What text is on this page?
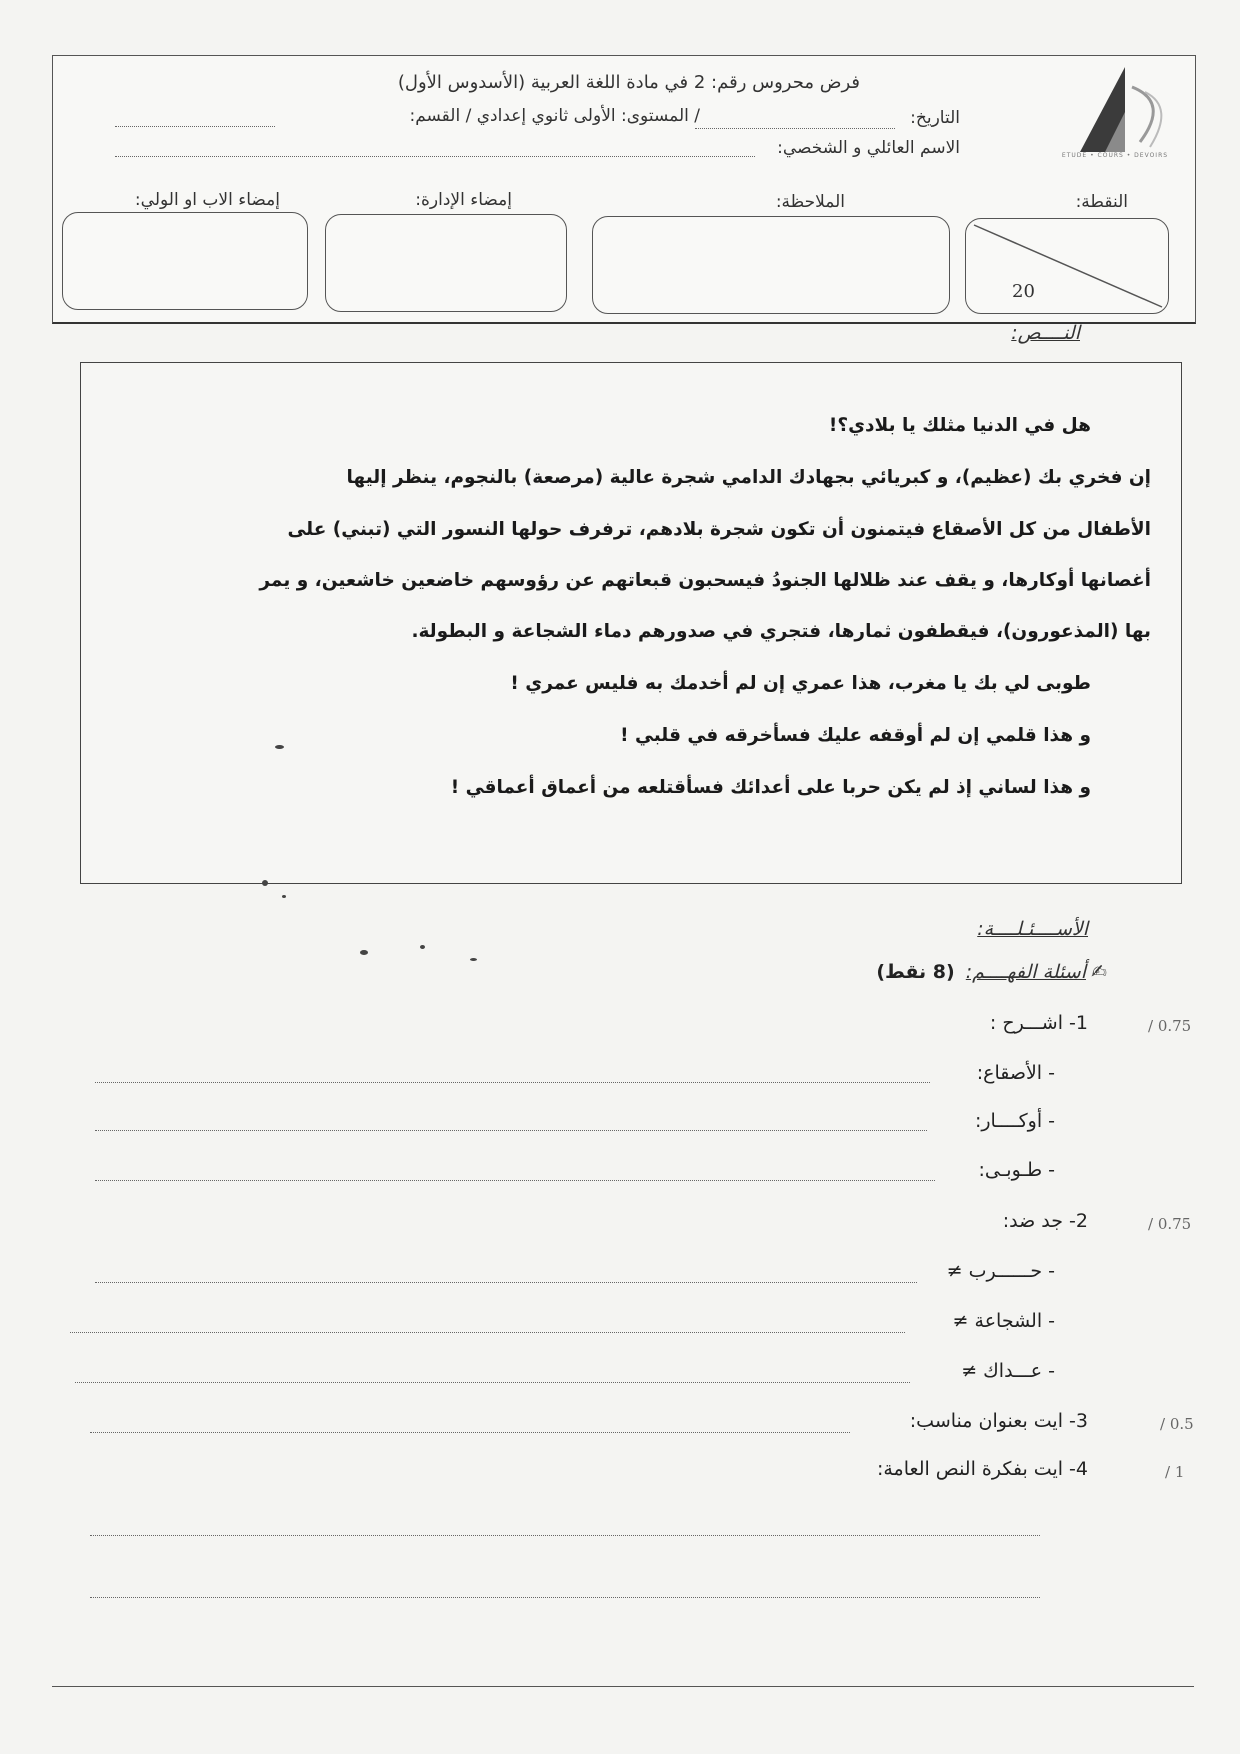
ETUDE • COURS • DEVOIRS
فرض محروس رقم: 2 في مادة اللغة العربية (الأسدوس الأول)
التاريخ:
/ المستوى: الأولى ثانوي إعدادي / القسم:
الاسم العائلي و الشخصي:
النقطة:
الملاحظة:
إمضاء الإدارة:
إمضاء الاب او الولي:
20
النــــص:
هل في الدنيا مثلك يا بلادي؟!
إن فخري بك (عظيم)، و كبريائي بجهادك الدامي شجرة عالية (مرصعة) بالنجوم، ينظر إليها
الأطفال من كل الأصقاع فيتمنون أن تكون شجرة بلادهم، ترفرف حولها النسور التي (تبني) على
أغصانها أوكارها، و يقف عند ظلالها الجنودُ فيسحبون قبعاتهم عن رؤوسهم خاضعين خاشعين، و يمر
بها (المذعورون)، فيقطفون ثمارها، فتجري في صدورهم دماء الشجاعة و البطولة.
طوبى لي بك يا مغرب، هذا عمري إن لم أخدمك به فليس عمري !
و هذا قلمي إن لم أوقفه عليك فسأخرقه في قلبي !
و هذا لساني إذ لم يكن حربا على أعدائك فسأقتلعه من أعماق أعماقي !
الأســــئـلــــة:
✍ أسئلة الفهــــم: (8 نقط)
1- اشـــرح :	/ 0.75
- الأصقاع:
- أوكــــار:
- طـوبـى:
2- جد ضد:	/ 0.75
- حــــــرب ≠
- الشجاعة ≠
- عـــداك ≠
3- ايت بعنوان مناسب:	/ 0.5
4- ايت بفكرة النص العامة:	/ 1
